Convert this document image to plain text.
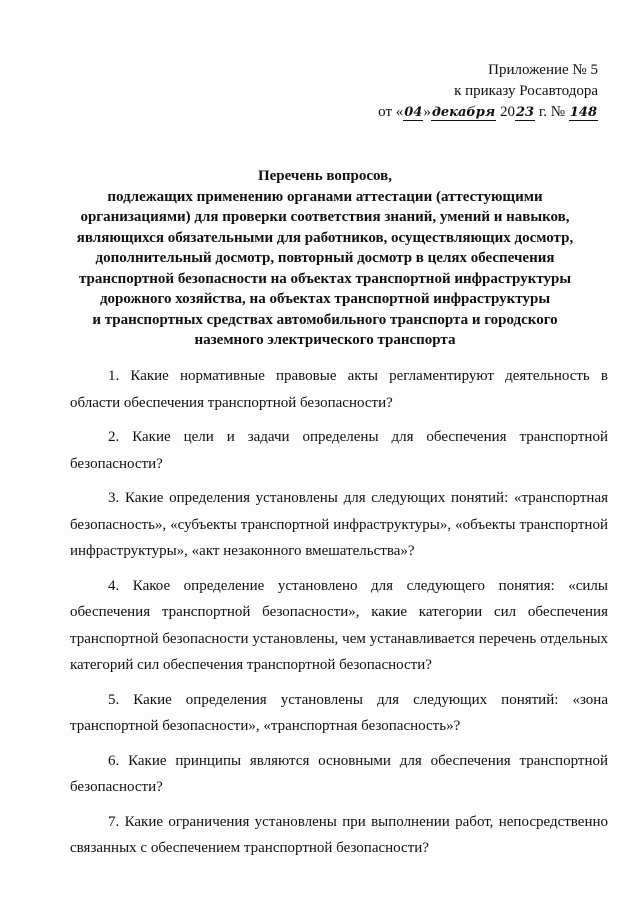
Приложение № 5
к приказу Росавтодора
от «04»декабря 2023 г. № 148
Перечень вопросов,
подлежащих применению органами аттестации (аттестующими
организациями) для проверки соответствия знаний, умений и навыков,
являющихся обязательными для работников, осуществляющих досмотр,
дополнительный досмотр, повторный досмотр в целях обеспечения
транспортной безопасности на объектах транспортной инфраструктуры
дорожного хозяйства, на объектах транспортной инфраструктуры
и транспортных средствах автомобильного транспорта и городского
наземного электрического транспорта

1. Какие нормативные правовые акты регламентируют деятельность в области обеспечения транспортной безопасности?

2. Какие цели и задачи определены для обеспечения транспортной безопасности?

3. Какие определения установлены для следующих понятий: «транспортная безопасность», «субъекты транспортной инфраструктуры», «объекты транспортной инфраструктуры», «акт незаконного вмешательства»?

4. Какое определение установлено для следующего понятия: «силы обеспечения транспортной безопасности», какие категории сил обеспечения транспортной безопасности установлены, чем устанавливается перечень отдельных категорий сил обеспечения транспортной безопасности?

5. Какие определения установлены для следующих понятий: «зона транспортной безопасности», «транспортная безопасность»?

6. Какие принципы являются основными для обеспечения транспортной безопасности?

7. Какие ограничения установлены при выполнении работ, непосредственно связанных с обеспечением транспортной безопасности?
